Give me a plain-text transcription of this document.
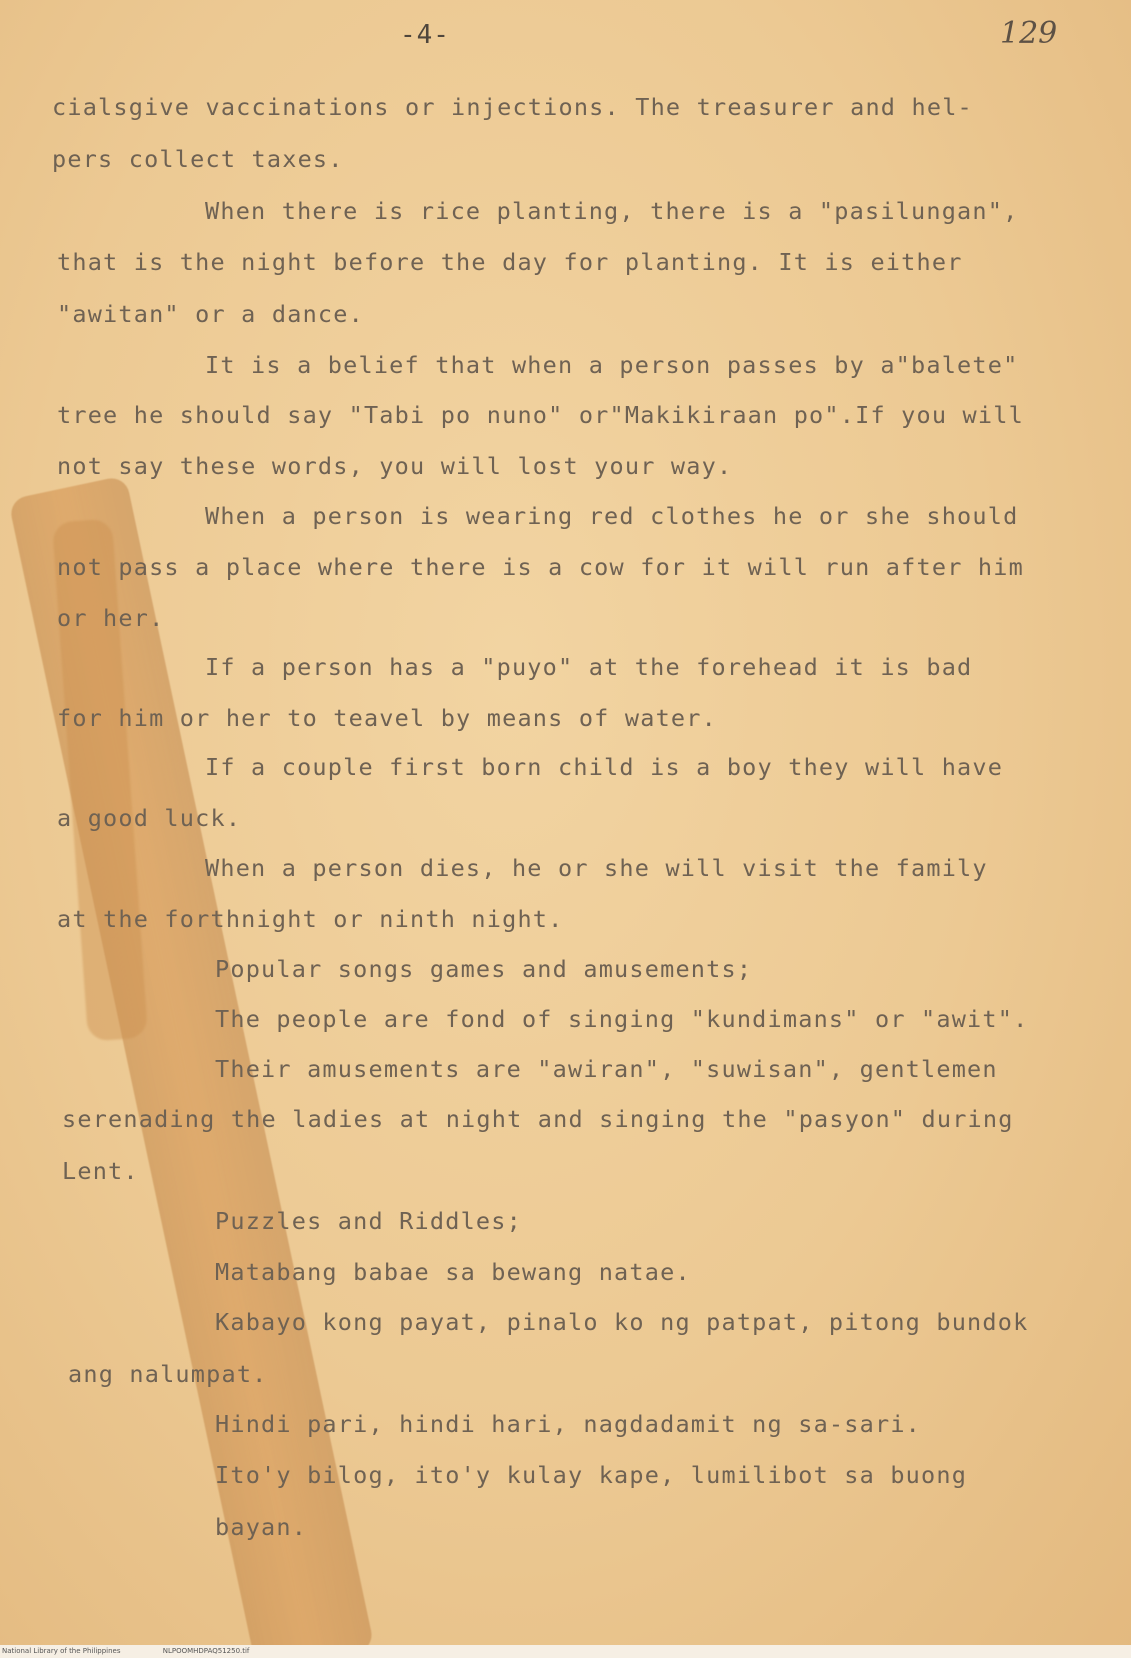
-4-	129
cialsgive vaccinations or injections. The treasurer and hel-
pers collect taxes.
When there is rice planting, there is a "pasilungan",
that is the night before the day for planting. It is either
"awitan" or a dance.
It is a belief that when a person passes by a"balete"
tree he should say "Tabi po nuno" or"Makikiraan po".If you will
not say these words, you will lost your way.
When a person is wearing red clothes he or she should
not pass a place where there is a cow for it will run after him
or her.
If a person has a "puyo" at the forehead it is bad
for him or her to teavel by means of water.
If a couple first born child is a boy they will have
a good luck.
When a person dies, he or she will visit the family
at the forthnight or ninth night.
Popular songs games and amusements;
The people are fond of singing "kundimans" or "awit".
Their amusements are "awiran", "suwisan", gentlemen
serenading the ladies at night and singing the "pasyon" during
Lent.
Puzzles and Riddles;
Matabang babae sa bewang natae.
Kabayo kong payat, pinalo ko ng patpat, pitong bundok
ang nalumpat.
Hindi pari, hindi hari, nagdadamit ng sa-sari.
Ito'y bilog, ito'y kulay kape, lumilibot sa buong
bayan.
National Library of the Philippines	NLPOOMHDPAQ51250.tif
